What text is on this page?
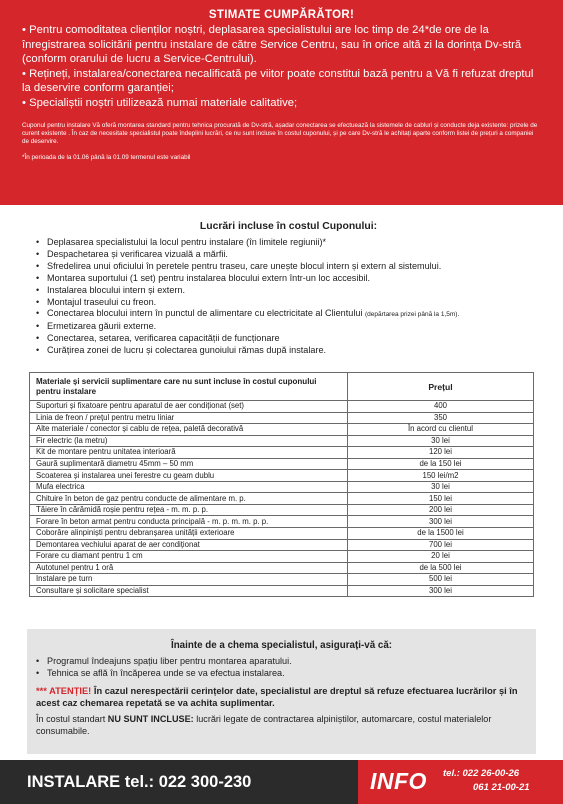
STIMATE CUMPĂRĂTOR!

• Pentru comoditatea clienților noștri, deplasarea specialistului are loc timp de 24*de ore de la înregistrarea solicitării pentru instalare de către Service Centru, sau în orice altă zi la dorința Dv-stră (conform orarului de lucru a Service-Centrului).

• Rețineți, instalarea/conectarea necalificată pe viitor poate constitui bază pentru a Vă fi refuzat dreptul la deservire conform garanției;

• Specialiștii noștri utilizează numai materiale calitative;

Cuponul pentru instalare Vă oferă montarea standard pentru tehnica procurată de Dv-stră, așadar conectarea se efectuează la sistemele de cabluri și conducte deja existente: prizele de curent existente . În caz de necesitate specialistul poate îndeplini lucrări, ce nu sunt incluse în costul cuponului, și pe care Dv-stră le achitați aparte conform listei de prețuri a companiei de deservire.

*În perioada de la 01.06 până la 01.09 termenul este variabil

Lucrări incluse în costul Cuponului:
• Deplasarea specialistului la locul pentru instalare (în limitele regiunii)*
• Despachetarea și verificarea vizuală a mărfii.
• Sfredelirea unui oficiului în peretele pentru traseu, care unește blocul intern și extern al sistemului.
• Montarea suportului (1 set) pentru instalarea blocului extern într-un loc accesibil.
• Instalarea blocului intern și extern.
• Montajul traseului cu freon.
• Conectarea blocului intern în punctul de alimentare cu electricitate al Clientului (depărtarea prizei până la 1,5m).
• Ermetizarea găurii externe.
• Conectarea, setarea, verificarea capacității de funcționare
• Curățirea zonei de lucru și colectarea gunoiului rămas după instalare.
Materiale și servicii suplimentare care nu sunt incluse în costul cuponului pentru instalare	Prețul
Suporturi și fixatoare pentru aparatul de aer condiționat (set)	400
Linia de freon / prețul pentru metru liniar	350
Alte materiale / conector și cablu de rețea, paletă decorativă	În acord cu clientul
Fir electric (la metru)	30 lei
Kit de montare pentru unitatea interioară	120 lei
Gaură suplimentară diametru 45mm – 50 mm	de la 150 lei
Scoaterea și instalarea unei ferestre cu geam dublu	150 lei/m2
Mufa electrica	30 lei
Chituire în beton de gaz pentru conducte de alimentare m. p.	150 lei
Tăiere în cărămidă roșie pentru rețea - m. m. p. p.	200 lei
Forare în beton armat pentru conducta principală - m. p. m. m. p. p.	300 lei
Coborâre alinpiniști pentru debranșarea unității exterioare	de la 1500 lei
Demontarea vechiului aparat de aer condiționat	700 lei
Forare cu diamant pentru 1 cm	20 lei
Autotunel pentru 1 oră	de la 500 lei
Instalare pe turn	500 lei
Consultare și solicitare specialist	300 lei
Înainte de a chema specialistul, asigurați-vă că:
• Programul îndeajuns spațiu liber pentru montarea aparatului.
• Tehnica se află în încăperea unde se va efectua instalarea.

*** ATENȚIE! În cazul nerespectării cerințelor date, specialistul are dreptul să refuze efectuarea lucrărilor și în acest caz chemarea repetată se va achita suplimentar.

În costul standart NU SUNT INCLUSE: lucrări legate de contractarea alpiniștilor, automarcare, costul materialelor consumabile.

INSTALARE tel.: 022 300-230	INFO tel.: 022 26-00-26
061 21-00-21
